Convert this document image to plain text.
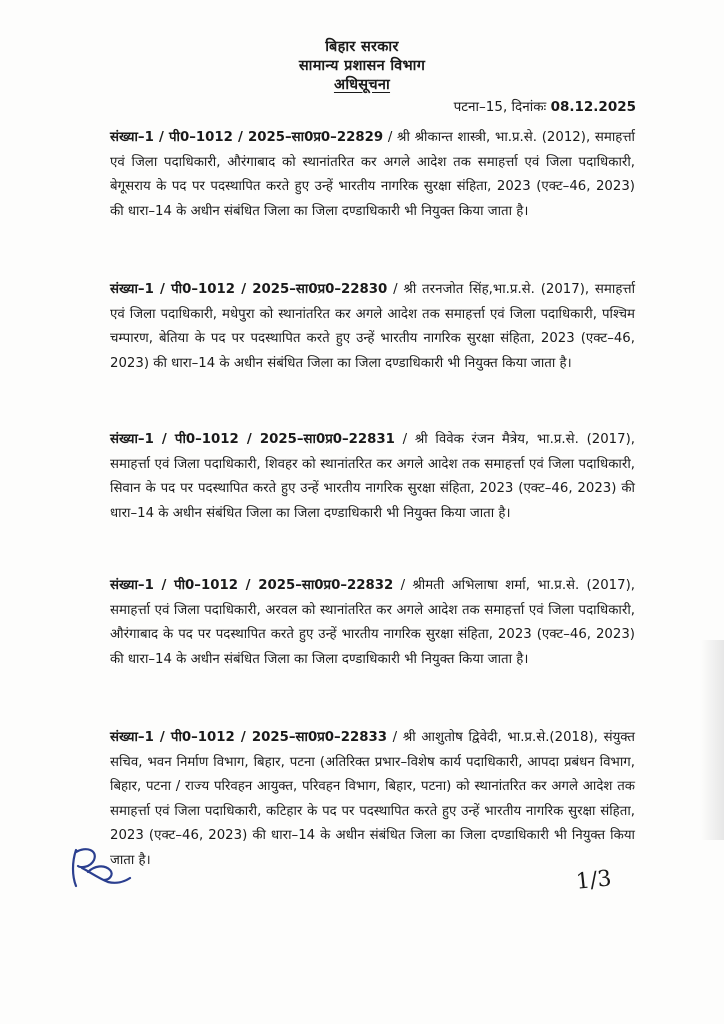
बिहार सरकार
सामान्य प्रशासन विभाग
अधिसूचना
पटना–15, दिनांकः 08.12.2025
संख्या–1 / पी0–1012 / 2025–सा0प्र0–22829 / श्री श्रीकान्त शास्त्री, भा.प्र.से. (2012), समाहर्त्ता एवं जिला पदाधिकारी, औरंगाबाद को स्थानांतरित कर अगले आदेश तक समाहर्त्ता एवं जिला पदाधिकारी, बेगूसराय के पद पर पदस्थापित करते हुए उन्हें भारतीय नागरिक सुरक्षा संहिता, 2023 (एक्ट–46, 2023) की धारा–14 के अधीन संबंधित जिला का जिला दण्डाधिकारी भी नियुक्त किया जाता है।
संख्या–1 / पी0–1012 / 2025–सा0प्र0–22830 / श्री तरनजोत सिंह,भा.प्र.से. (2017), समाहर्त्ता एवं जिला पदाधिकारी, मधेपुरा को स्थानांतरित कर अगले आदेश तक समाहर्त्ता एवं जिला पदाधिकारी, पश्चिम चम्पारण, बेतिया के पद पर पदस्थापित करते हुए उन्हें भारतीय नागरिक सुरक्षा संहिता, 2023 (एक्ट–46, 2023) की धारा–14 के अधीन संबंधित जिला का जिला दण्डाधिकारी भी नियुक्त किया जाता है।
संख्या–1 / पी0–1012 / 2025–सा0प्र0–22831 / श्री विवेक रंजन मैत्रेय, भा.प्र.से. (2017), समाहर्त्ता एवं जिला पदाधिकारी, शिवहर को स्थानांतरित कर अगले आदेश तक समाहर्त्ता एवं जिला पदाधिकारी, सिवान के पद पर पदस्थापित करते हुए उन्हें भारतीय नागरिक सुरक्षा संहिता, 2023 (एक्ट–46, 2023) की धारा–14 के अधीन संबंधित जिला का जिला दण्डाधिकारी भी नियुक्त किया जाता है।
संख्या–1 / पी0–1012 / 2025–सा0प्र0–22832 / श्रीमती अभिलाषा शर्मा, भा.प्र.से. (2017), समाहर्त्ता एवं जिला पदाधिकारी, अरवल को स्थानांतरित कर अगले आदेश तक समाहर्त्ता एवं जिला पदाधिकारी, औरंगाबाद के पद पर पदस्थापित करते हुए उन्हें भारतीय नागरिक सुरक्षा संहिता, 2023 (एक्ट–46, 2023) की धारा–14 के अधीन संबंधित जिला का जिला दण्डाधिकारी भी नियुक्त किया जाता है।
संख्या–1 / पी0–1012 / 2025–सा0प्र0–22833 / श्री आशुतोष द्विवेदी, भा.प्र.से.(2018), संयुक्त सचिव, भवन निर्माण विभाग, बिहार, पटना (अतिरिक्त प्रभार–विशेष कार्य पदाधिकारी, आपदा प्रबंधन विभाग, बिहार, पटना / राज्य परिवहन आयुक्त, परिवहन विभाग, बिहार, पटना) को स्थानांतरित कर अगले आदेश तक समाहर्त्ता एवं जिला पदाधिकारी, कटिहार के पद पर पदस्थापित करते हुए उन्हें भारतीय नागरिक सुरक्षा संहिता, 2023 (एक्ट–46, 2023) की धारा–14 के अधीन संबंधित जिला का जिला दण्डाधिकारी भी नियुक्त किया जाता है।
1/3
